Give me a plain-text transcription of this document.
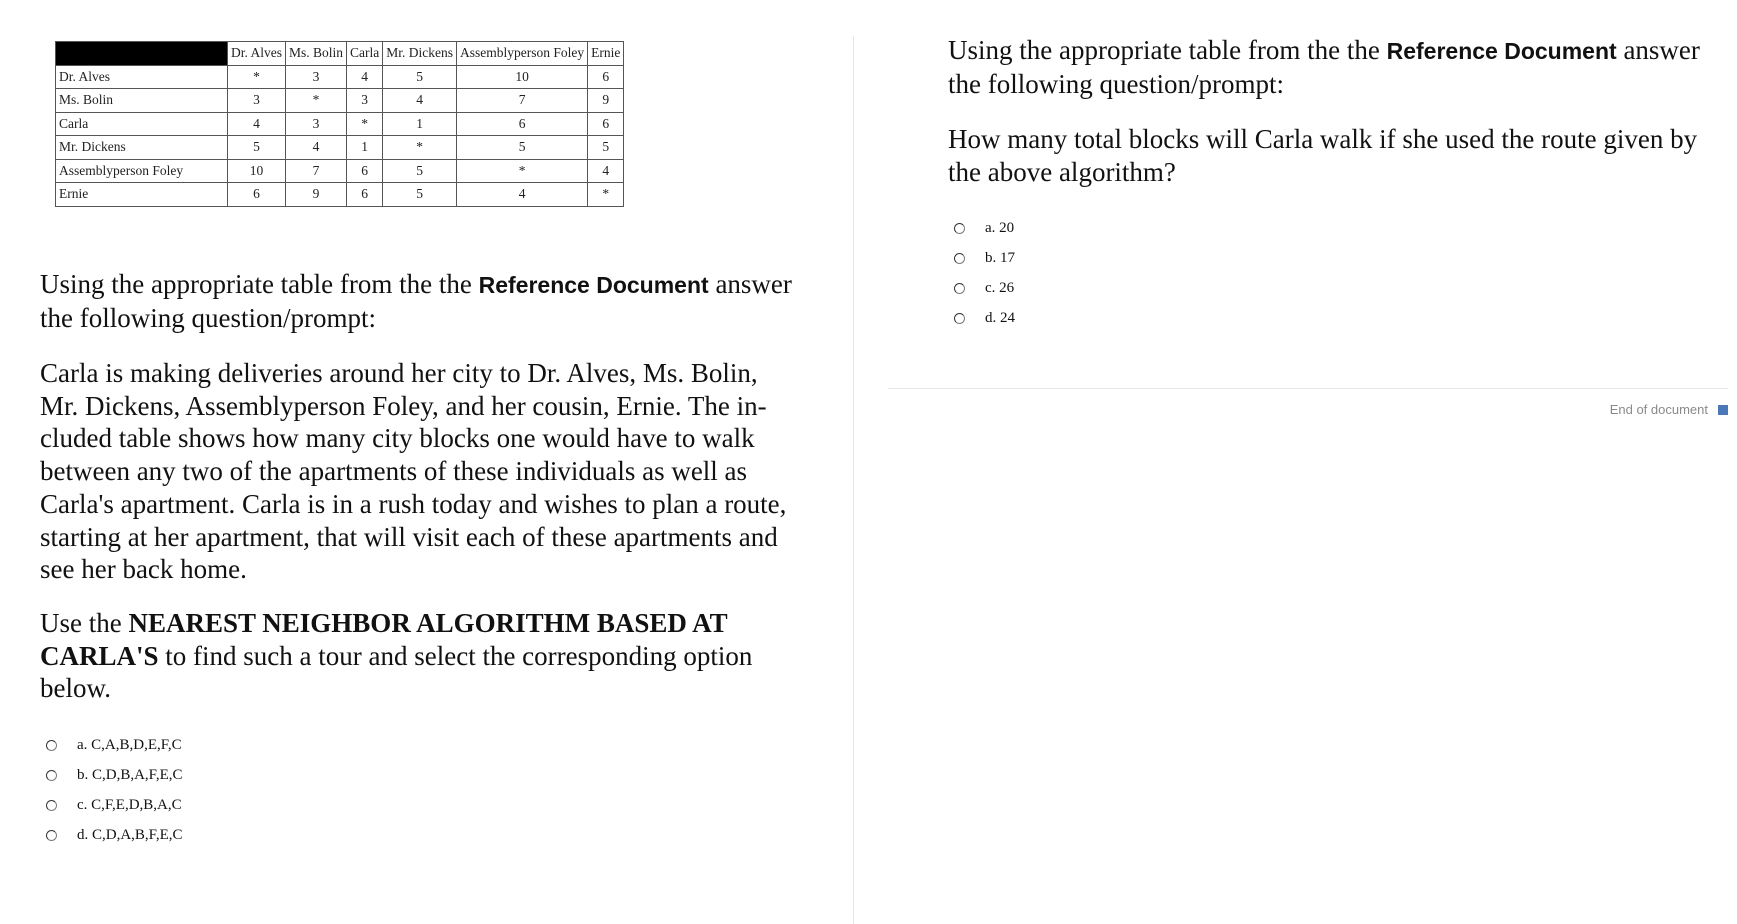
	Dr. Alves	Ms. Bolin	Carla	Mr. Dickens	Assemblyperson Foley	Ernie
Dr. Alves	*	3	4	5	10	6
Ms. Bolin	3	*	3	4	7	9
Carla	4	3	*	1	6	6
Mr. Dickens	5	4	1	*	5	5
Assemblyperson Foley	10	7	6	5	*	4
Ernie	6	9	6	5	4	*

Using the appropriate table from the the Reference Document answer the following question/prompt:

Carla is making deliveries around her city to Dr. Alves, Ms. Bolin,
Mr. Dickens, Assemblyperson Foley, and her cousin, Ernie. The in-
cluded table shows how many city blocks one would have to walk
between any two of the apartments of these individuals as well as
Carla's apartment. Carla is in a rush today and wishes to plan a route,
starting at her apartment, that will visit each of these apartments and
see her back home.

Use the NEAREST NEIGHBOR ALGORITHM BASED AT CARLA'S to find such a tour and select the corresponding option below.

a. C,A,B,D,E,F,C
b. C,D,B,A,F,E,C
c. C,F,E,D,B,A,C
d. C,D,A,B,F,E,C

Using the appropriate table from the the Reference Document answer the following question/prompt:

How many total blocks will Carla walk if she used the route given by the above algorithm?

a. 20
b. 17
c. 26
d. 24
End of document
